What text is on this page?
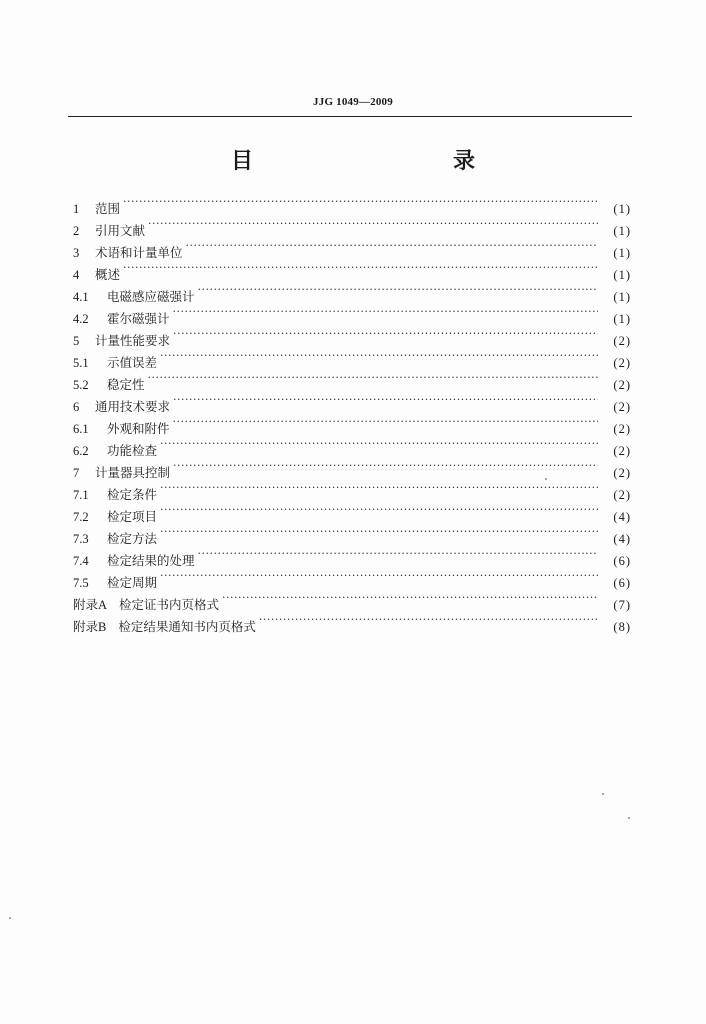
JJG 1049—2009
目　　录
1	范围 ·····	(1)
2	引用文献 ·····	(1)
3	术语和计量单位 ·····	(1)
4	概述 ·····	(1)
4.1	电磁感应磁强计 ·····	(1)
4.2	霍尔磁强计 ·····	(1)
5	计量性能要求 ·····	(2)
5.1	示值误差 ·····	(2)
5.2	稳定性 ·····	(2)
6	通用技术要求 ·····	(2)
6.1	外观和附件 ·····	(2)
6.2	功能检查 ·····	(2)
7	计量器具控制 ·····	(2)
7.1	检定条件 ·····	(2)
7.2	检定项目 ·····	(4)
7.3	检定方法 ·····	(4)
7.4	检定结果的处理 ·····	(6)
7.5	检定周期 ·····	(6)
附录A 检定证书内页格式 ·····	(7)
附录B 检定结果通知书内页格式 ·····	(8)
